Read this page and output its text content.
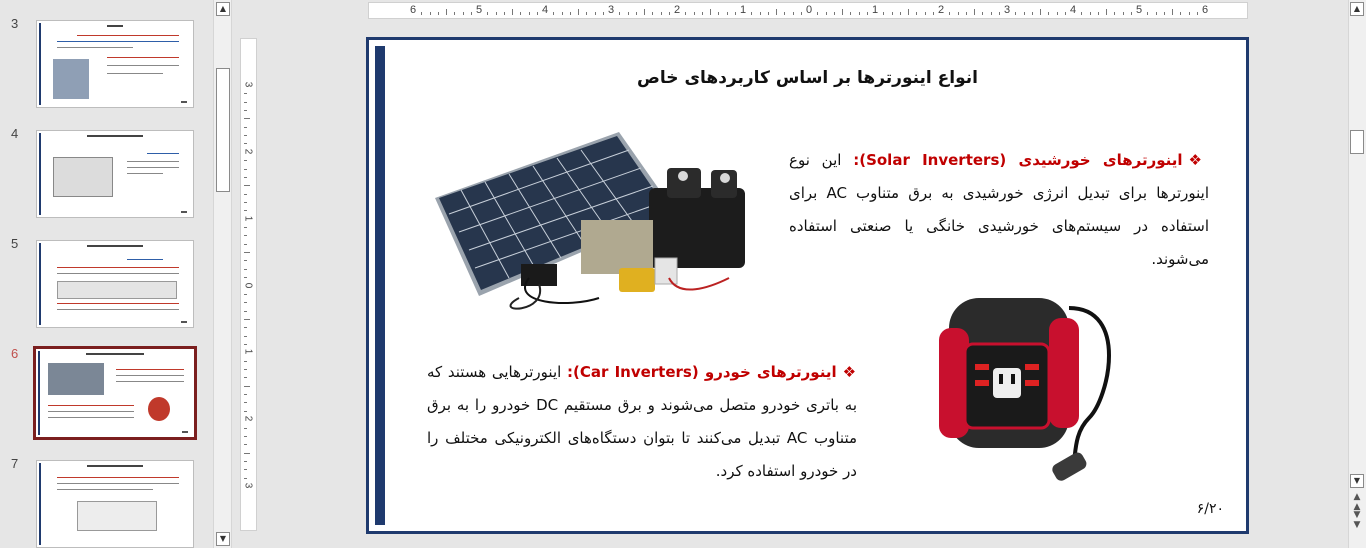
3
4
5
6
7
▲
▼
6	5	4	3	2	1	0	1	2	3	4	5	6
3
2
1
0
1
2
3
▲
▼
▲
▲
▼
▼
انواع اینورترها بر اساس کاربردهای خاص
❖اینورترهای خورشیدی (Solar Inverters): این نوع اینورترها برای تبدیل انرژی خورشیدی به برق متناوب AC برای استفاده در سیستم‌های خورشیدی خانگی یا صنعتی استفاده می‌شوند.
❖اینورترهای خودرو (Car Inverters): اینورترهایی هستند که به باتری خودرو متصل می‌شوند و برق مستقیم DC خودرو را به برق متناوب AC تبدیل می‌کنند تا بتوان دستگاه‌های الکترونیکی مختلف را در خودرو استفاده کرد.
۶/۲۰
